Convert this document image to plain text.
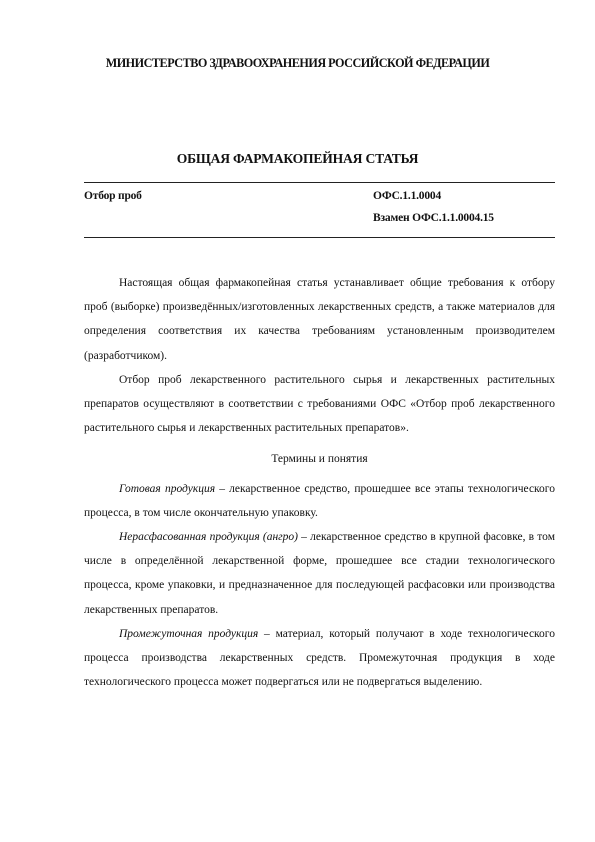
МИНИСТЕРСТВО ЗДРАВООХРАНЕНИЯ РОССИЙСКОЙ ФЕДЕРАЦИИ
ОБЩАЯ ФАРМАКОПЕЙНАЯ СТАТЬЯ
Отбор проб	ОФС.1.1.0004
Взамен ОФС.1.1.0004.15

Настоящая общая фармакопейная статья устанавливает общие требования к отбору проб (выборке) произведённых/изготовленных лекарственных средств, а также материалов для определения соответствия их качества требованиям установленным производителем (разработчиком).

Отбор проб лекарственного растительного сырья и лекарственных растительных препаратов осуществляют в соответствии с требованиями ОФС «Отбор проб лекарственного растительного сырья и лекарственных растительных препаратов».

Термины и понятия

Готовая продукция – лекарственное средство, прошедшее все этапы технологического процесса, в том числе окончательную упаковку.

Нерасфасованная продукция (ангро) – лекарственное средство в крупной фасовке, в том числе в определённой лекарственной форме, прошедшее все стадии технологического процесса, кроме упаковки, и предназначенное для последующей расфасовки или производства лекарственных препаратов.

Промежуточная продукция – материал, который получают в ходе технологического процесса производства лекарственных средств. Промежуточная продукция в ходе технологического процесса может подвергаться или не подвергаться выделению.
